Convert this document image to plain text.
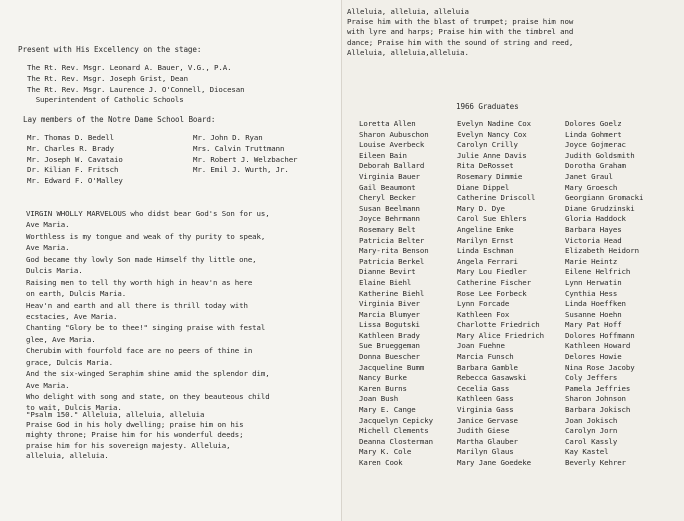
Present with His Excellency on the stage:
The Rt. Rev. Msgr. Leonard A. Bauer, V.G., P.A.
The Rt. Rev. Msgr. Joseph Grist, Dean
The Rt. Rev. Msgr. Laurence J. O'Connell, Diocesan
Superintendent of Catholic Schools
Lay members of the Notre Dame School Board:
Mr. Thomas D. Bedell
Mr. Charles R. Brady
Mr. Joseph W. Cavataio
Dr. Kilian F. Fritsch
Mr. Edward F. O'Malley
Mr. John D. Ryan
Mrs. Calvin Truttmann
Mr. Robert J. Welzbacher
Mr. Emil J. Wurth, Jr.
VIRGIN WHOLLY MARVELOUS who didst bear God's Son for us,
Ave Maria.
Worthless is my tongue and weak of thy purity to speak,
Ave Maria.
God became thy lowly Son made Himself thy little one,
Dulcis Maria.
Raising men to tell thy worth high in heav'n as here
on earth, Dulcis Maria.
Heav'n and earth and all there is thrill today with
ecstacies, Ave Maria.
Chanting "Glory be to thee!" singing praise with festal
glee, Ave Maria.
Cherubim with fourfold face are no peers of thine in
grace, Dulcis Maria.
And the six-winged Seraphim shine amid the splendor dim,
Ave Maria.
Who delight with song and state, on they beauteous child
to wait, Dulcis Maria.
"Psalm 150." Alleluia, alleluia, alleluia
Praise God in his holy dwelling; praise him on his
mighty throne; Praise him for his wonderful deeds;
praise him for his sovereign majesty. Alleluia,
alleluia, alleluia.
Alleluia, alleluia, alleluia
Praise him with the blast of trumpet; praise him now
with lyre and harps; Praise him with the timbrel and
dance; Praise him with the sound of string and reed,
Alleluia, alleluia,alleluia.
1966 Graduates
Loretta Allen
Sharon Aubuschon
Louise Averbeck
Eileen Bain
Deborah Ballard
Virginia Bauer
Gail Beaumont
Cheryl Becker
Susan Beelmann
Joyce Behrmann
Rosemary Belt
Patricia Belter
Mary-rita Benson
Patricia Berkel
Dianne Bevirt
Elaine Biehl
Katherine Biehl
Virginia Biver
Marcia Blumyer
Lissa Bogutski
Kathleen Brady
Sue Brueggeman
Donna Buescher
Jacqueline Bumm
Nancy Burke
Karen Burns
Joan Bush
Mary E. Cange
Jacquelyn Cepicky
Michell Clements
Deanna Closterman
Mary K. Cole
Karen Cook
Evelyn Nadine Cox
Evelyn Nancy Cox
Carolyn Crilly
Julie Anne Davis
Rita DeRosset
Rosemary Dimmie
Diane Dippel
Catherine Driscoll
Mary D. Dye
Carol Sue Ehlers
Angeline Emke
Marilyn Ernst
Linda Eschman
Angela Ferrari
Mary Lou Fiedler
Catherine Fischer
Rose Lee Forbeck
Lynn Forcade
Kathleen Fox
Charlotte Friedrich
Mary Alice Friedrich
Joan Fuehne
Marcia Funsch
Barbara Gamble
Rebecca Gasawski
Cecelia Gass
Kathleen Gass
Virginia Gass
Janice Gervase
Judith Giese
Martha Glauber
Marilyn Glaus
Mary Jane Goedeke
Dolores Goelz
Linda Gohmert
Joyce Gojmerac
Judith Goldsmith
Dorotha Graham
Janet Graul
Mary Groesch
Georgiann Gromacki
Diane Grudzinski
Gloria Haddock
Barbara Hayes
Victoria Head
Elizabeth Heidorn
Marie Heintz
Eilene Helfrich
Lynn Herwatin
Cynthia Hess
Linda Hoeffken
Susanne Hoehn
Mary Pat Hoff
Dolores Hoffmann
Kathleen Howard
Delores Howie
Nina Rose Jacoby
Coly Jeffers
Pamela Jeffries
Sharon Johnson
Barbara Jokisch
Joan Jokisch
Carolyn Jorn
Carol Kassly
Kay Kastel
Beverly Kehrer
